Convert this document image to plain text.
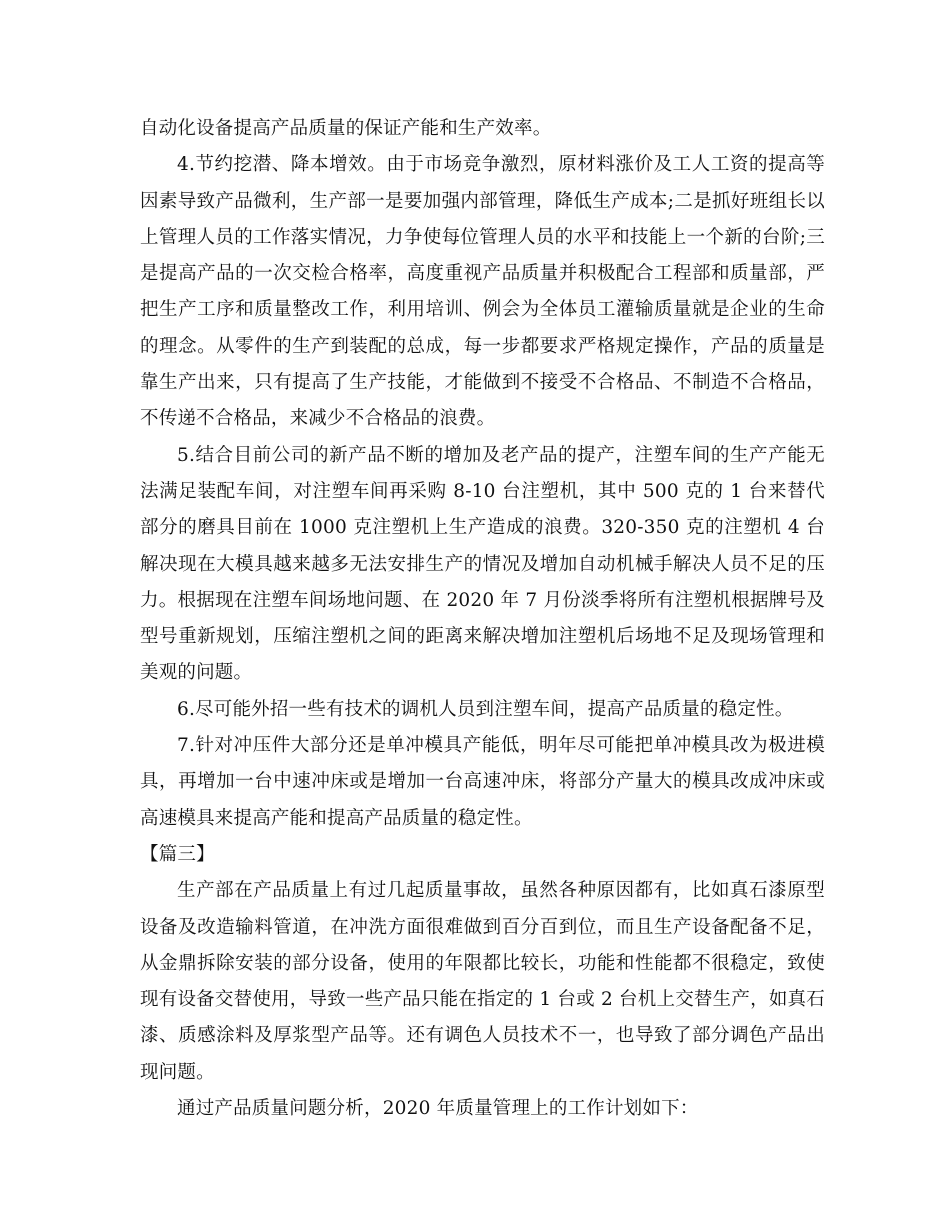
自动化设备提高产品质量的保证产能和生产效率。

4.节约挖潜、降本增效。由于市场竞争激烈，原材料涨价及工人工资的提高等因素导致产品微利，生产部一是要加强内部管理，降低生产成本;二是抓好班组长以上管理人员的工作落实情况，力争使每位管理人员的水平和技能上一个新的台阶;三是提高产品的一次交检合格率，高度重视产品质量并积极配合工程部和质量部，严把生产工序和质量整改工作，利用培训、例会为全体员工灌输质量就是企业的生命的理念。从零件的生产到装配的总成，每一步都要求严格规定操作，产品的质量是靠生产出来，只有提高了生产技能，才能做到不接受不合格品、不制造不合格品，不传递不合格品，来减少不合格品的浪费。

5.结合目前公司的新产品不断的增加及老产品的提产，注塑车间的生产产能无法满足装配车间，对注塑车间再采购 8-10 台注塑机，其中 500 克的 1 台来替代部分的磨具目前在 1000 克注塑机上生产造成的浪费。320-350 克的注塑机 4 台解决现在大模具越来越多无法安排生产的情况及增加自动机械手解决人员不足的压力。根据现在注塑车间场地问题、在 2020 年 7 月份淡季将所有注塑机根据牌号及型号重新规划，压缩注塑机之间的距离来解决增加注塑机后场地不足及现场管理和美观的问题。

6.尽可能外招一些有技术的调机人员到注塑车间，提高产品质量的稳定性。

7.针对冲压件大部分还是单冲模具产能低，明年尽可能把单冲模具改为极进模具，再增加一台中速冲床或是增加一台高速冲床，将部分产量大的模具改成冲床或高速模具来提高产能和提高产品质量的稳定性。

【篇三】

生产部在产品质量上有过几起质量事故，虽然各种原因都有，比如真石漆原型设备及改造输料管道，在冲洗方面很难做到百分百到位，而且生产设备配备不足，从金鼎拆除安装的部分设备，使用的年限都比较长，功能和性能都不很稳定，致使现有设备交替使用，导致一些产品只能在指定的 1 台或 2 台机上交替生产，如真石漆、质感涂料及厚浆型产品等。还有调色人员技术不一，也导致了部分调色产品出现问题。

通过产品质量问题分析，2020 年质量管理上的工作计划如下：
